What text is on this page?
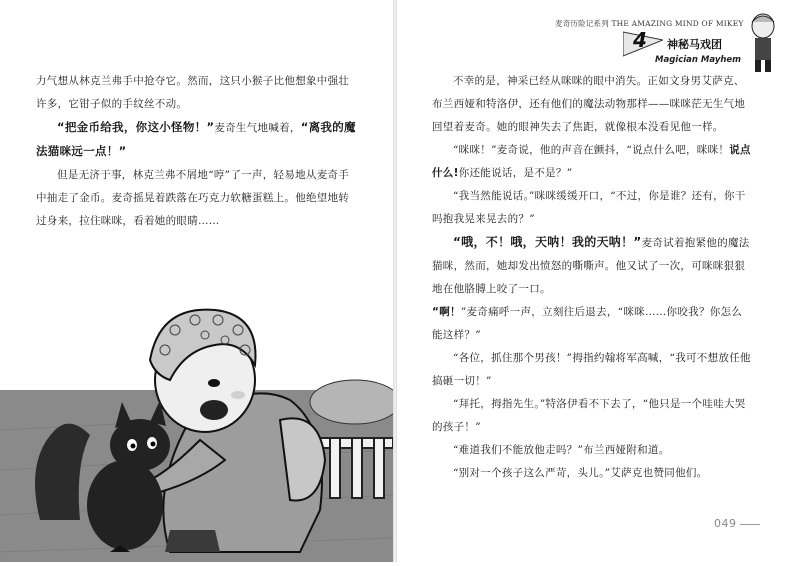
力气想从林克兰弗手中抢夺它。然而，这只小猴子比他想象中强壮许多，它钳子似的手纹丝不动。

“把金币给我，你这小怪物！”麦奇生气地喊着，“离我的魔法猫咪远一点！”

但是无济于事，林克兰弗不屑地“哼”了一声，轻易地从麦奇手中抽走了金币。麦奇摇晃着跌落在巧克力软糖蛋糕上。他绝望地转过身来，拉住咪咪，看着她的眼睛……

麦奇历险记系列 THE AMAZING MIND OF MIKEY
4 神秘马戏团
Magician Mayhem

不幸的是，神采已经从咪咪的眼中消失。正如文身男艾萨克、布兰西娅和特洛伊，还有他们的魔法动物那样——咪咪茫无生气地回望着麦奇。她的眼神失去了焦距，就像根本没看见他一样。

“咪咪！”麦奇说，他的声音在颤抖，“说点什么吧，咪咪！说点什么!你还能说话，是不是？”

“我当然能说话。”咪咪缓缓开口，“不过，你是谁？还有，你干吗抱我晃来晃去的？”

“哦，不！哦，天呐！我的天呐！”麦奇试着抱紧他的魔法猫咪，然而，她却发出愤怒的嘶嘶声。他又试了一次，可咪咪狠狠地在他胳膊上咬了一口。

“啊！”麦奇痛呼一声，立刻往后退去，“咪咪……你咬我？你怎么能这样？”

“各位，抓住那个男孩！”拇指约翰将军高喊，“我可不想放任他搞砸一切！”

“拜托，拇指先生。”特洛伊看不下去了，“他只是一个哇哇大哭的孩子！”

“难道我们不能放他走吗？”布兰西娅附和道。

“别对一个孩子这么严苛，头儿。”艾萨克也赞同他们。

049
